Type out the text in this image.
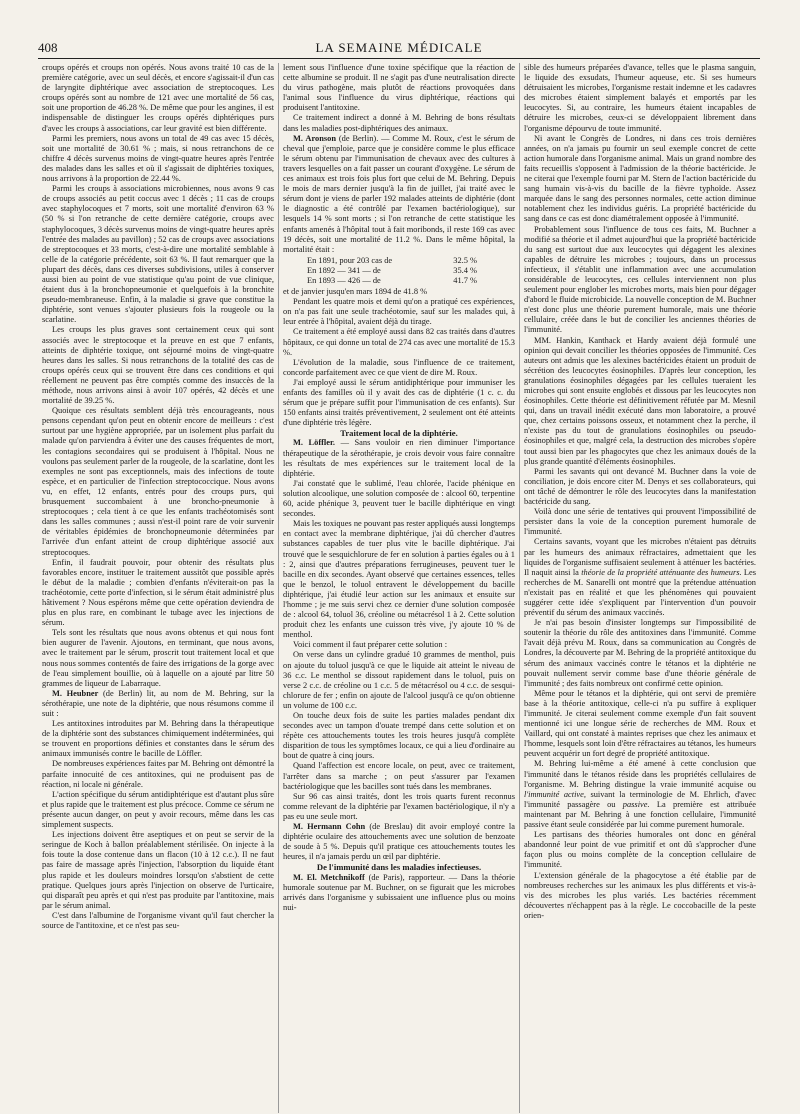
408	LA SEMAINE MÉDICALE

croups opérés et croups non opérés. Nous avons traité 10 cas de la première catégorie, avec un seul décès, et encore s'agissait-il d'un cas de laryngite diphtérique avec association de streptocoques. Les croups opérés sont au nombre de 121 avec une mortalité de 56 cas, soit une proportion de 46.28 %. De même que pour les angines, il est indispensable de distinguer les croups opérés diphtériques purs d'avec les croups à associations, car leur gravité est bien différente.

Parmi les premiers, nous avons un total de 49 cas avec 15 décès, soit une mortalité de 30.61 % ; mais, si nous retranchons de ce chiffre 4 décès survenus moins de vingt-quatre heures après l'entrée des malades dans les salles et où il s'agissait de diphtéries toxiques, nous arrivons à la proportion de 22.44 %.

Parmi les croups à associations microbiennes, nous avons 9 cas de croups associés au petit coccus avec 1 décès ; 11 cas de croups avec staphylocoques et 7 morts, soit une mortalité d'environ 63 % (50 % si l'on retranche de cette dernière catégorie, croups avec staphylocoques, 3 décès survenus moins de vingt-quatre heures après l'entrée des malades au pavillon) ; 52 cas de croups avec associations de streptocoques et 33 morts, c'est-à-dire une mortalité semblable à celle de la catégorie précédente, soit 63 %. Il faut remarquer que la plupart des décès, dans ces diverses subdivisions, utiles à conserver aussi bien au point de vue statistique qu'au point de vue clinique, étaient dus à la bronchopneumonie et quelquefois à la bronchite pseudo-membraneuse. Enfin, à la maladie si grave que constitue la diphtérie, sont venues s'ajouter plusieurs fois la rougeole ou la scarlatine.

Les croups les plus graves sont certainement ceux qui sont associés avec le streptocoque et la preuve en est que 7 enfants, atteints de diphtérie toxique, ont séjourné moins de vingt-quatre heures dans les salles. Si nous retranchons de la totalité des cas de croups opérés ceux qui se trouvent être dans ces conditions et qui réellement ne peuvent pas être comptés comme des insuccès de la méthode, nous arrivons ainsi à avoir 107 opérés, 42 décès et une mortalité de 39.25 %.

Quoique ces résultats semblent déjà très encourageants, nous pensons cependant qu'on peut en obtenir encore de meilleurs : c'est surtout par une hygiène appropriée, par un isolement plus parfait du malade qu'on parviendra à éviter une des causes fréquentes de mort, les contagions secondaires qui se produisent à l'hôpital. Nous ne voulons pas seulement parler de la rougeole, de la scarlatine, dont les exemples ne sont pas exceptionnels, mais des infections de toute espèce, et en particulier de l'infection streptococcique. Nous avons vu, en effet, 12 enfants, entrés pour des croups purs, qui brusquement succombaient à une broncho-pneumonie à streptocoques ; cela tient à ce que les enfants trachéotomisés sont dans les salles communes ; aussi n'est-il point rare de voir survenir de véritables épidémies de bronchopneumonie déterminées par l'arrivée d'un enfant atteint de croup diphtérique associé aux streptocoques.

Enfin, il faudrait pouvoir, pour obtenir des résultats plus favorables encore, instituer le traitement aussitôt que possible après le début de la maladie ; combien d'enfants n'éviterait-on pas la trachéotomie, cette porte d'infection, si le sérum était administré plus hâtivement ? Nous espérons même que cette opération deviendra de plus en plus rare, en combinant le tubage avec les injections de sérum.

Tels sont les résultats que nous avons obtenus et qui nous font bien augurer de l'avenir. Ajoutons, en terminant, que nous avons, avec le traitement par le sérum, proscrit tout traitement local et que nous nous sommes contentés de faire des irrigations de la gorge avec de l'eau simplement bouillie, où à laquelle on a ajouté par litre 50 grammes de liqueur de Labarraque.

M. Heubner (de Berlin) lit, au nom de M. Behring, sur la sérothérapie, une note de la diphtérie, que nous résumons comme il suit :

Les antitoxines introduites par M. Behring dans la thérapeutique de la diphtérie sont des substances chimiquement indéterminées, qui se trouvent en proportions définies et constantes dans le sérum des animaux immunisés contre le bacille de Löffler.

De nombreuses expériences faites par M. Behring ont démontré la parfaite innocuité de ces antitoxines, qui ne produisent pas de réaction, ni locale ni générale.

L'action spécifique du sérum antidiphtérique est d'autant plus sûre et plus rapide que le traitement est plus précoce. Comme ce sérum ne présente aucun danger, on peut y avoir recours, même dans les cas simplement suspects.

Les injections doivent être aseptiques et on peut se servir de la seringue de Koch à ballon préalablement stérilisée. On injecte à la fois toute la dose contenue dans un flacon (10 à 12 c.c.). Il ne faut pas faire de massage après l'injection, l'absorption du liquide étant plus rapide et les douleurs moindres lorsqu'on s'abstient de cette pratique. Quelques jours après l'injection on observe de l'urticaire, qui disparaît peu après et qui n'est pas produite par l'antitoxine, mais par le sérum animal.

C'est dans l'albumine de l'organisme vivant qu'il faut chercher la source de l'antitoxine, et ce n'est pas seu-

lement sous l'influence d'une toxine spécifique que la réaction de cette albumine se produit. Il ne s'agit pas d'une neutralisation directe du virus pathogène, mais plutôt de réactions provoquées dans l'animal sous l'influence du virus diphtérique, réactions qui produisent l'antitoxine.

Ce traitement indirect a donné à M. Behring de bons résultats dans les maladies post-diphtériques des animaux.

M. Aronson (de Berlin). — Comme M. Roux, c'est le sérum de cheval que j'emploie, parce que je considère comme le plus efficace le sérum obtenu par l'immunisation de chevaux avec des cultures à travers lesquelles on a fait passer un courant d'oxygène. Le sérum de ces animaux est trois fois plus fort que celui de M. Behring. Depuis le mois de mars dernier jusqu'à la fin de juillet, j'ai traité avec le sérum dont je viens de parler 192 malades atteints de diphtérie (dont le diagnostic a été contrôlé par l'examen bactériologique), sur lesquels 14 % sont morts ; si l'on retranche de cette statistique les enfants amenés à l'hôpital tout à fait moribonds, il reste 169 cas avec 19 décès, soit une mortalité de 11.2 %. Dans le même hôpital, la mortalité était :

En 1891, pour 203 cas de	32.5 %
En 1892 — 341 — de	35.4 %
En 1893 — 426 — de	41.7 %

et de janvier jusqu'en mars 1894 de 41.8 %

Pendant les quatre mois et demi qu'on a pratiqué ces expériences, on n'a pas fait une seule trachéotomie, sauf sur les malades qui, à leur entrée à l'hôpital, avaient déjà du tirage.

Ce traitement a été employé aussi dans 82 cas traités dans d'autres hôpitaux, ce qui donne un total de 274 cas avec une mortalité de 15.3 %.

L'évolution de la maladie, sous l'influence de ce traitement, concorde parfaitement avec ce que vient de dire M. Roux.

J'ai employé aussi le sérum antidiphtérique pour immuniser les enfants des familles où il y avait des cas de diphtérie (1 c. c. du sérum que je prépare suffit pour l'immunisation de ces enfants). Sur 150 enfants ainsi traités préventivement, 2 seulement ont été atteints d'une diphtérie très légère.

Traitement local de la diphtérie.

M. Löffler. — Sans vouloir en rien diminuer l'importance thérapeutique de la sérothérapie, je crois devoir vous faire connaître les résultats de mes expériences sur le traitement local de la diphtérie.

J'ai constaté que le sublimé, l'eau chlorée, l'acide phénique en solution alcoolique, une solution composée de : alcool 60, terpentine 60, acide phénique 3, peuvent tuer le bacille diphtérique en vingt secondes.

Mais les toxiques ne pouvant pas rester appliqués aussi longtemps en contact avec la membrane diphtérique, j'ai dû chercher d'autres substances capables de tuer plus vite le bacille diphtérique. J'ai trouvé que le sesquichlorure de fer en solution à parties égales ou à 1 : 2, ainsi que d'autres préparations ferrugineuses, peuvent tuer le bacille en dix secondes. Ayant observé que certaines essences, telles que le benzol, le toluol entravent le développement du bacille diphtérique, j'ai étudié leur action sur les animaux et ensuite sur l'homme ; je me suis servi chez ce dernier d'une solution composée de : alcool 64, toluol 36, créoline ou métacrésol 1 à 2. Cette solution produit chez les enfants une cuisson très vive, j'y ajoute 10 % de menthol.

Voici comment il faut préparer cette solution :

On verse dans un cylindre gradué 10 grammes de menthol, puis on ajoute du toluol jusqu'à ce que le liquide ait atteint le niveau de 36 c.c. Le menthol se dissout rapidement dans le toluol, puis on verse 2 c.c. de créoline ou 1 c.c. 5 de métacrésol ou 4 c.c. de sesqui-chlorure de fer ; enfin on ajoute de l'alcool jusqu'à ce qu'on obtienne un volume de 100 c.c.

On touche deux fois de suite les parties malades pendant dix secondes avec un tampon d'ouate trempé dans cette solution et on répète ces attouchements toutes les trois heures jusqu'à complète disparition de tous les symptômes locaux, ce qui a lieu d'ordinaire au bout de quatre à cinq jours.

Quand l'affection est encore locale, on peut, avec ce traitement, l'arrêter dans sa marche ; on peut s'assurer par l'examen bactériologique que les bacilles sont tués dans les membranes.

Sur 96 cas ainsi traités, dont les trois quarts furent reconnus comme relevant de la diphtérie par l'examen bactériologique, il n'y a pas eu une seule mort.

M. Hermann Cohn (de Breslau) dit avoir employé contre la diphtérie oculaire des attouchements avec une solution de benzoate de soude à 5 %. Depuis qu'il pratique ces attouchements toutes les heures, il n'a jamais perdu un œil par diphtérie.

De l'immunité dans les maladies infectieuses.

M. El. Metchnikoff (de Paris), rapporteur. — Dans la théorie humorale soutenue par M. Buchner, on se figurait que les microbes arrivés dans l'organisme y subissaient une influence plus ou moins nui-

sible des humeurs préparées d'avance, telles que le plasma sanguin, le liquide des exsudats, l'humeur aqueuse, etc. Si ses humeurs détruisaient les microbes, l'organisme restait indemne et les cadavres des microbes étaient simplement balayés et emportés par les leucocytes. Si, au contraire, les humeurs étaient incapables de détruire les microbes, ceux-ci se développaient librement dans l'organisme dépourvu de toute immunité.

Ni avant le Congrès de Londres, ni dans ces trois dernières années, on n'a jamais pu fournir un seul exemple concret de cette action humorale dans l'organisme animal. Mais un grand nombre des faits recueillis s'opposent à l'admission de la théorie bactéricide. Je ne citerai que l'exemple fourni par M. Stern de l'action bactéricide du sang humain vis-à-vis du bacille de la fièvre typhoïde. Assez marquée dans le sang des personnes normales, cette action diminue notablement chez les individus guéris. La propriété bactéricide du sang dans ce cas est donc diamétralement opposée à l'immunité.

Probablement sous l'influence de tous ces faits, M. Buchner a modifié sa théorie et il admet aujourd'hui que la propriété bactéricide du sang est surtout due aux leucocytes qui dégagent les alexines capables de détruire les microbes ; toujours, dans un processus infectieux, il s'établit une inflammation avec une accumulation considérable de leucocytes, ces cellules interviennent non plus seulement pour englober les microbes morts, mais bien pour dégager d'abord le fluide microbicide. La nouvelle conception de M. Buchner n'est donc plus une théorie purement humorale, mais une théorie cellulaire, créée dans le but de concilier les anciennes théories de l'immunité.

MM. Hankin, Kanthack et Hardy avaient déjà formulé une opinion qui devait concilier les théories opposées de l'immunité. Ces auteurs ont admis que les alexines bactéricides étaient un produit de sécrétion des leucocytes éosinophiles. D'après leur conception, les granulations éosinophiles dégagées par les cellules tueraient les microbes qui sont ensuite englobés et dissous par les leucocytes non éosinophiles. Cette théorie est définitivement réfutée par M. Mesnil qui, dans un travail inédit exécuté dans mon laboratoire, a prouvé que, chez certains poissons osseux, et notamment chez la perche, il n'existe pas du tout de granulations éosinophiles ou pseudo-éosinophiles et que, malgré cela, la destruction des microbes s'opère tout aussi bien par les phagocytes que chez les animaux doués de la plus grande quantité d'éléments éosinophiles.

Parmi les savants qui ont devancé M. Buchner dans la voie de conciliation, je dois encore citer M. Denys et ses collaborateurs, qui ont tâché de démontrer le rôle des leucocytes dans la manifestation bactéricide du sang.

Voilà donc une série de tentatives qui prouvent l'impossibilité de persister dans la voie de la conception purement humorale de l'immunité.

Certains savants, voyant que les microbes n'étaient pas détruits par les humeurs des animaux réfractaires, admettaient que les liquides de l'organisme suffisaient seulement à atténuer les bactéries. Il naquit ainsi la théorie de la propriété atténuante des humeurs. Les recherches de M. Sanarelli ont montré que la prétendue atténuation n'existait pas en réalité et que les phénomènes qui pouvaient suggérer cette idée s'expliquent par l'intervention d'un pouvoir préventif du sérum des animaux vaccinés.

Je n'ai pas besoin d'insister longtemps sur l'impossibilité de soutenir la théorie du rôle des antitoxines dans l'immunité. Comme l'avait déjà prévu M. Roux, dans sa communication au Congrès de Londres, la découverte par M. Behring de la propriété antitoxique du sérum des animaux vaccinés contre le tétanos et la diphtérie ne pouvait nullement servir comme base d'une théorie générale de l'immunité ; des faits nombreux ont confirmé cette opinion.

Même pour le tétanos et la diphtérie, qui ont servi de première base à la théorie antitoxique, celle-ci n'a pu suffire à expliquer l'immunité. Je citerai seulement comme exemple d'un fait souvent mentionné ici une longue série de recherches de MM. Roux et Vaillard, qui ont constaté à maintes reprises que chez les animaux et l'homme, lesquels sont loin d'être réfractaires au tétanos, les humeurs peuvent acquérir un fort degré de propriété antitoxique.

M. Behring lui-même a été amené à cette conclusion que l'immunité dans le tétanos réside dans les propriétés cellulaires de l'organisme. M. Behring distingue la vraie immunité acquise ou l'immunité active, suivant la terminologie de M. Ehrlich, d'avec l'immunité passagère ou passive. La première est attribuée maintenant par M. Behring à une fonction cellulaire, l'immunité passive étant seule considérée par lui comme purement humorale.

Les partisans des théories humorales ont donc en général abandonné leur point de vue primitif et ont dû s'approcher d'une façon plus ou moins complète de la conception cellulaire de l'immunité.

L'extension générale de la phagocytose a été établie par de nombreuses recherches sur les animaux les plus différents et vis-à-vis des microbes les plus variés. Les bactéries récemment découvertes n'échappent pas à la règle. Le coccobacille de la peste orien-
